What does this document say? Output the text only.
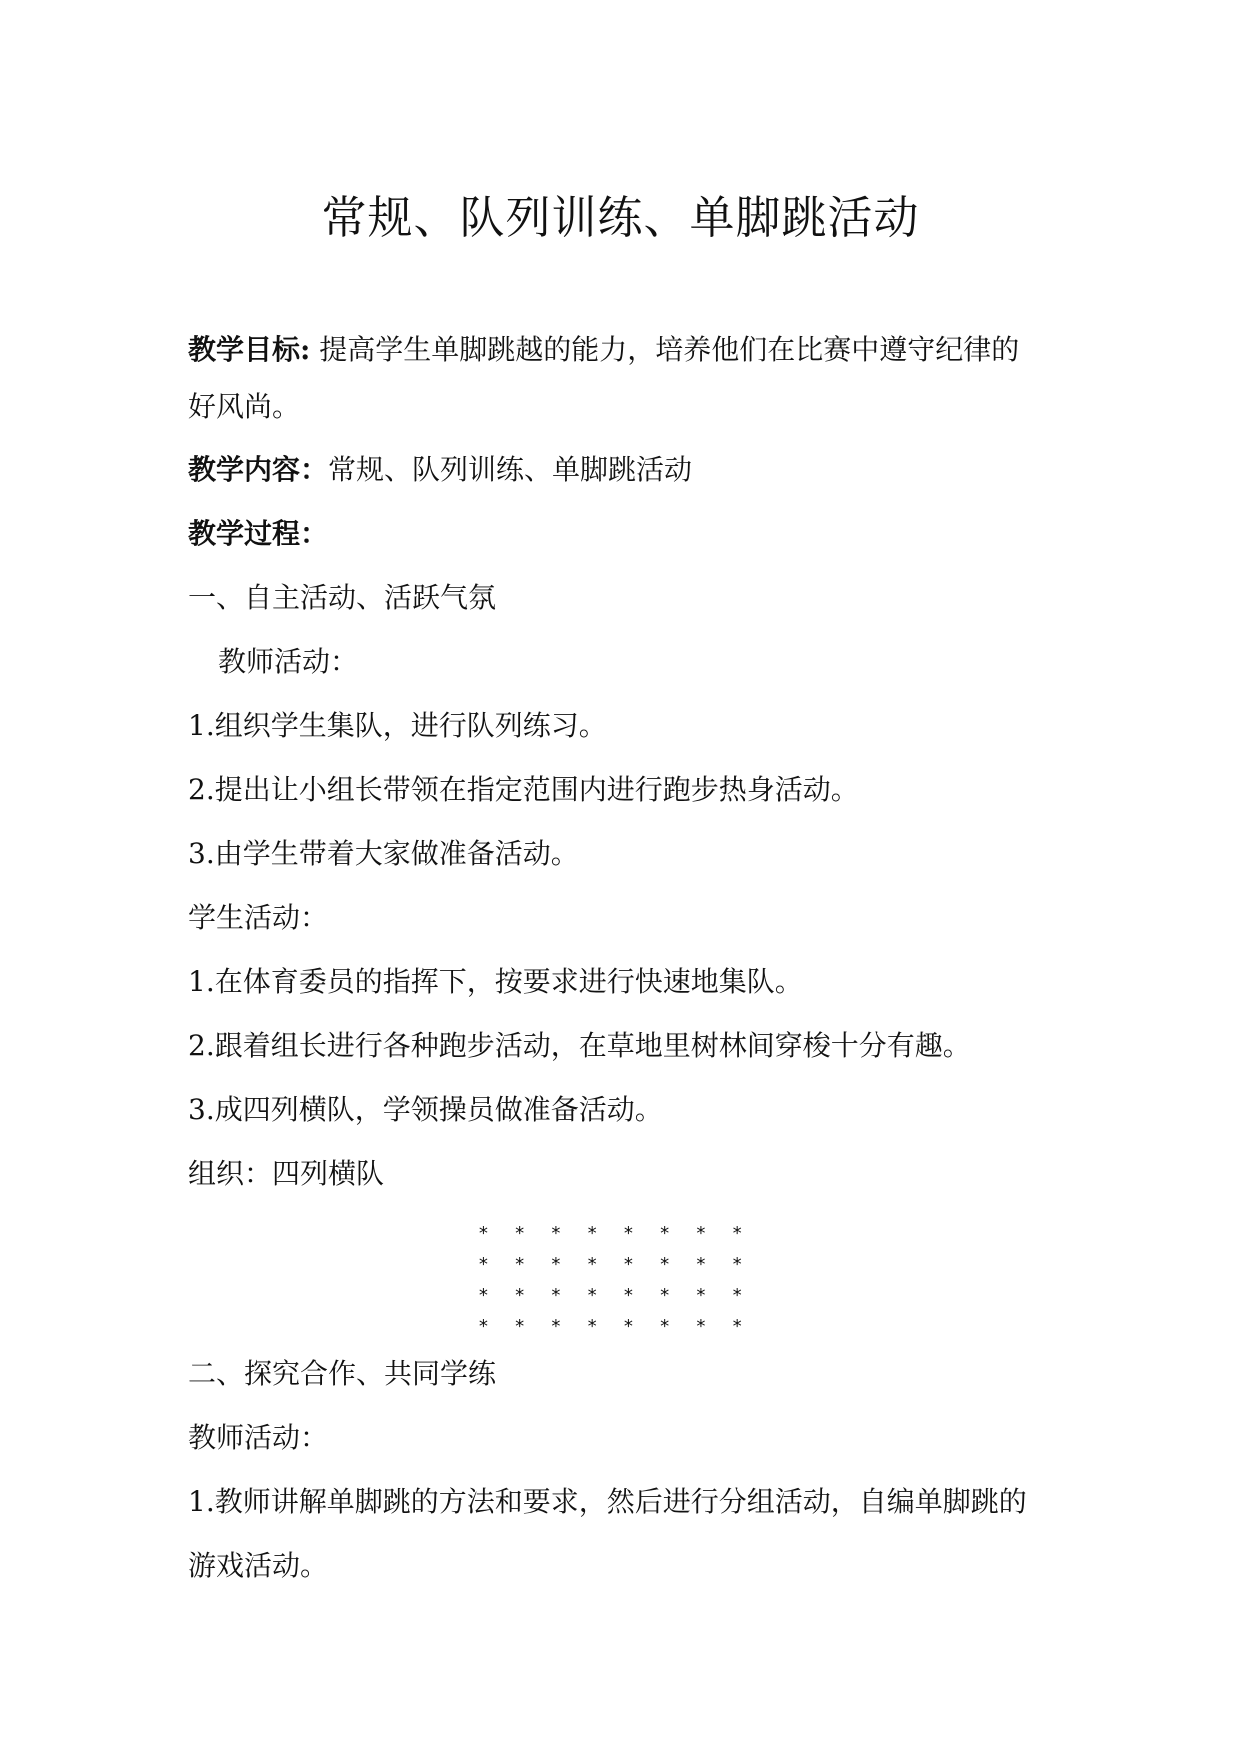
常规、队列训练、单脚跳活动
教学目标: 提高学生单脚跳越的能力，培养他们在比赛中遵守纪律的
好风尚。
教学内容：常规、队列训练、单脚跳活动
教学过程：
一、自主活动、活跃气氛
教师活动：
1.组织学生集队，进行队列练习。
2.提出让小组长带领在指定范围内进行跑步热身活动。
3.由学生带着大家做准备活动。
学生活动：
1.在体育委员的指挥下，按要求进行快速地集队。
2.跟着组长进行各种跑步活动，在草地里树林间穿梭十分有趣。
3.成四列横队，学领操员做准备活动。
组织：四列横队
*	*	*	*	*	*	*	*
*	*	*	*	*	*	*	*
*	*	*	*	*	*	*	*
*	*	*	*	*	*	*	*
二、探究合作、共同学练
教师活动：
1.教师讲解单脚跳的方法和要求，然后进行分组活动，自编单脚跳的
游戏活动。
